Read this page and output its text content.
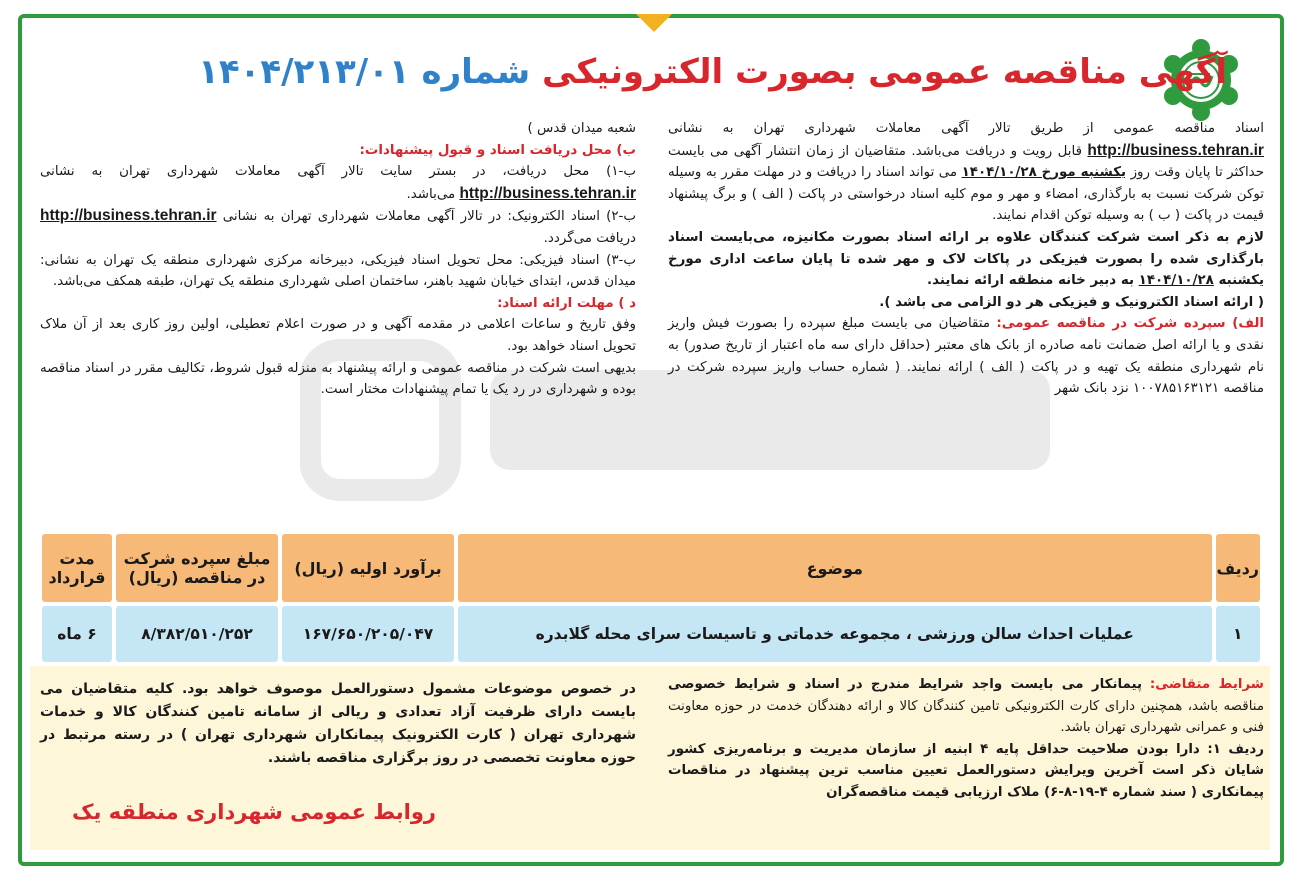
آگهی مناقصه عمومی بصورت الکترونیکی شماره ۱۴۰۴/۲۱۳/۰۱

اسناد مناقصه عمومی از طریق تالار آگهی معاملات شهرداری تهران به نشانی http://business.tehran.ir قابل رویت و دریافت می‌باشد. متقاضیان از زمان انتشار آگهی می بایست حداکثر تا پایان وقت روز یکشنبه مورخ ۱۴۰۴/۱۰/۲۸ می تواند اسناد را دریافت و در مهلت مقرر به وسیله توکن شرکت نسبت به بارگذاری، امضاء و مهر و موم کلیه اسناد درخواستی در پاکت ( الف ) و برگ پیشنهاد قیمت در پاکت ( ب ) به وسیله توکن اقدام نمایند.

لازم به ذکر است شرکت کنندگان علاوه بر ارائه اسناد بصورت مکانیزه، می‌بایست اسناد بارگذاری شده را بصورت فیزیکی در پاکات لاک و مهر شده تا پایان ساعت اداری مورخ یکشنبه ۱۴۰۴/۱۰/۲۸ به دبیر خانه منطقه ارائه نمایند.

( ارائه اسناد الکترونیک و فیزیکی هر دو الزامی می باشد ).

الف) سپرده شرکت در مناقصه عمومی: متقاضیان می بایست مبلغ سپرده را بصورت فیش واریز نقدی و یا ارائه اصل ضمانت نامه صادره از بانک های معتبر (حداقل دارای سه ماه اعتبار از تاریخ صدور) به نام شهرداری منطقه یک تهیه و در پاکت ( الف ) ارائه نمایند. ( شماره حساب واریز سپرده شرکت در مناقصه ۱۰۰۷۸۵۱۶۳۱۲۱ نزد بانک شهر

شعبه میدان قدس )

ب) محل دریافت اسناد و قبول پیشنهادات:

ب-۱) محل دریافت، در بستر سایت تالار آگهی معاملات شهرداری تهران به نشانی http://business.tehran.ir می‌باشد.

ب-۲) اسناد الکترونیک: در تالار آگهی معاملات شهرداری تهران به نشانی http://business.tehran.ir دریافت می‌گردد.

ب-۳) اسناد فیزیکی: محل تحویل اسناد فیزیکی، دبیرخانه مرکزی شهرداری منطقه یک تهران به نشانی: میدان قدس، ابتدای خیابان شهید باهنر، ساختمان اصلی شهرداری منطقه یک تهران، طبقه همکف می‌باشد.

د ) مهلت ارائه اسناد:

وفق تاریخ و ساعات اعلامی در مقدمه آگهی و در صورت اعلام تعطیلی، اولین روز کاری بعد از آن ملاک تحویل اسناد خواهد بود.

بدیهی است شرکت در مناقصه عمومی و ارائه پیشنهاد به منزله قبول شروط، تکالیف مقرر در اسناد مناقصه بوده و شهرداری در رد یک یا تمام پیشنهادات مختار است.

ردیف	موضوع	برآورد اولیه (ریال)	مبلغ سپرده شرکت در مناقصه (ریال)	مدت قرارداد
۱	عملیات احداث سالن ورزشی ، مجموعه خدماتی و تاسیسات سرای محله گلابدره	۱۶۷/۶۵۰/۲۰۵/۰۴۷	۸/۳۸۲/۵۱۰/۲۵۲	۶ ماه

شرایط متقاضی: پیمانکار می بایست واجد شرایط مندرج در اسناد و شرایط خصوصی مناقصه باشد، همچنین دارای کارت الکترونیکی تامین کنندگان کالا و ارائه دهندگان خدمت در حوزه معاونت فنی و عمرانی شهرداری تهران باشد.

ردیف ۱: دارا بودن صلاحیت حداقل پایه ۴ ابنیه از سازمان مدیریت و برنامه‌ریزی کشور شایان ذکر است آخرین ویرایش دستورالعمل تعیین مناسب ترین پیشنهاد در مناقصات پیمانکاری ( سند شماره ۴-۱۹-۸-۶) ملاک ارزیابی قیمت مناقصه‌گران

در خصوص موضوعات مشمول دستورالعمل موصوف خواهد بود. کلیه متقاضیان می بایست دارای ظرفیت آزاد تعدادی و ریالی از سامانه تامین کنندگان کالا و خدمات شهرداری تهران ( کارت الکترونیک پیمانکاران شهرداری تهران ) در رسته مرتبط در حوزه معاونت تخصصی در روز برگزاری مناقصه باشند.

روابط عمومی شهرداری منطقه یک
